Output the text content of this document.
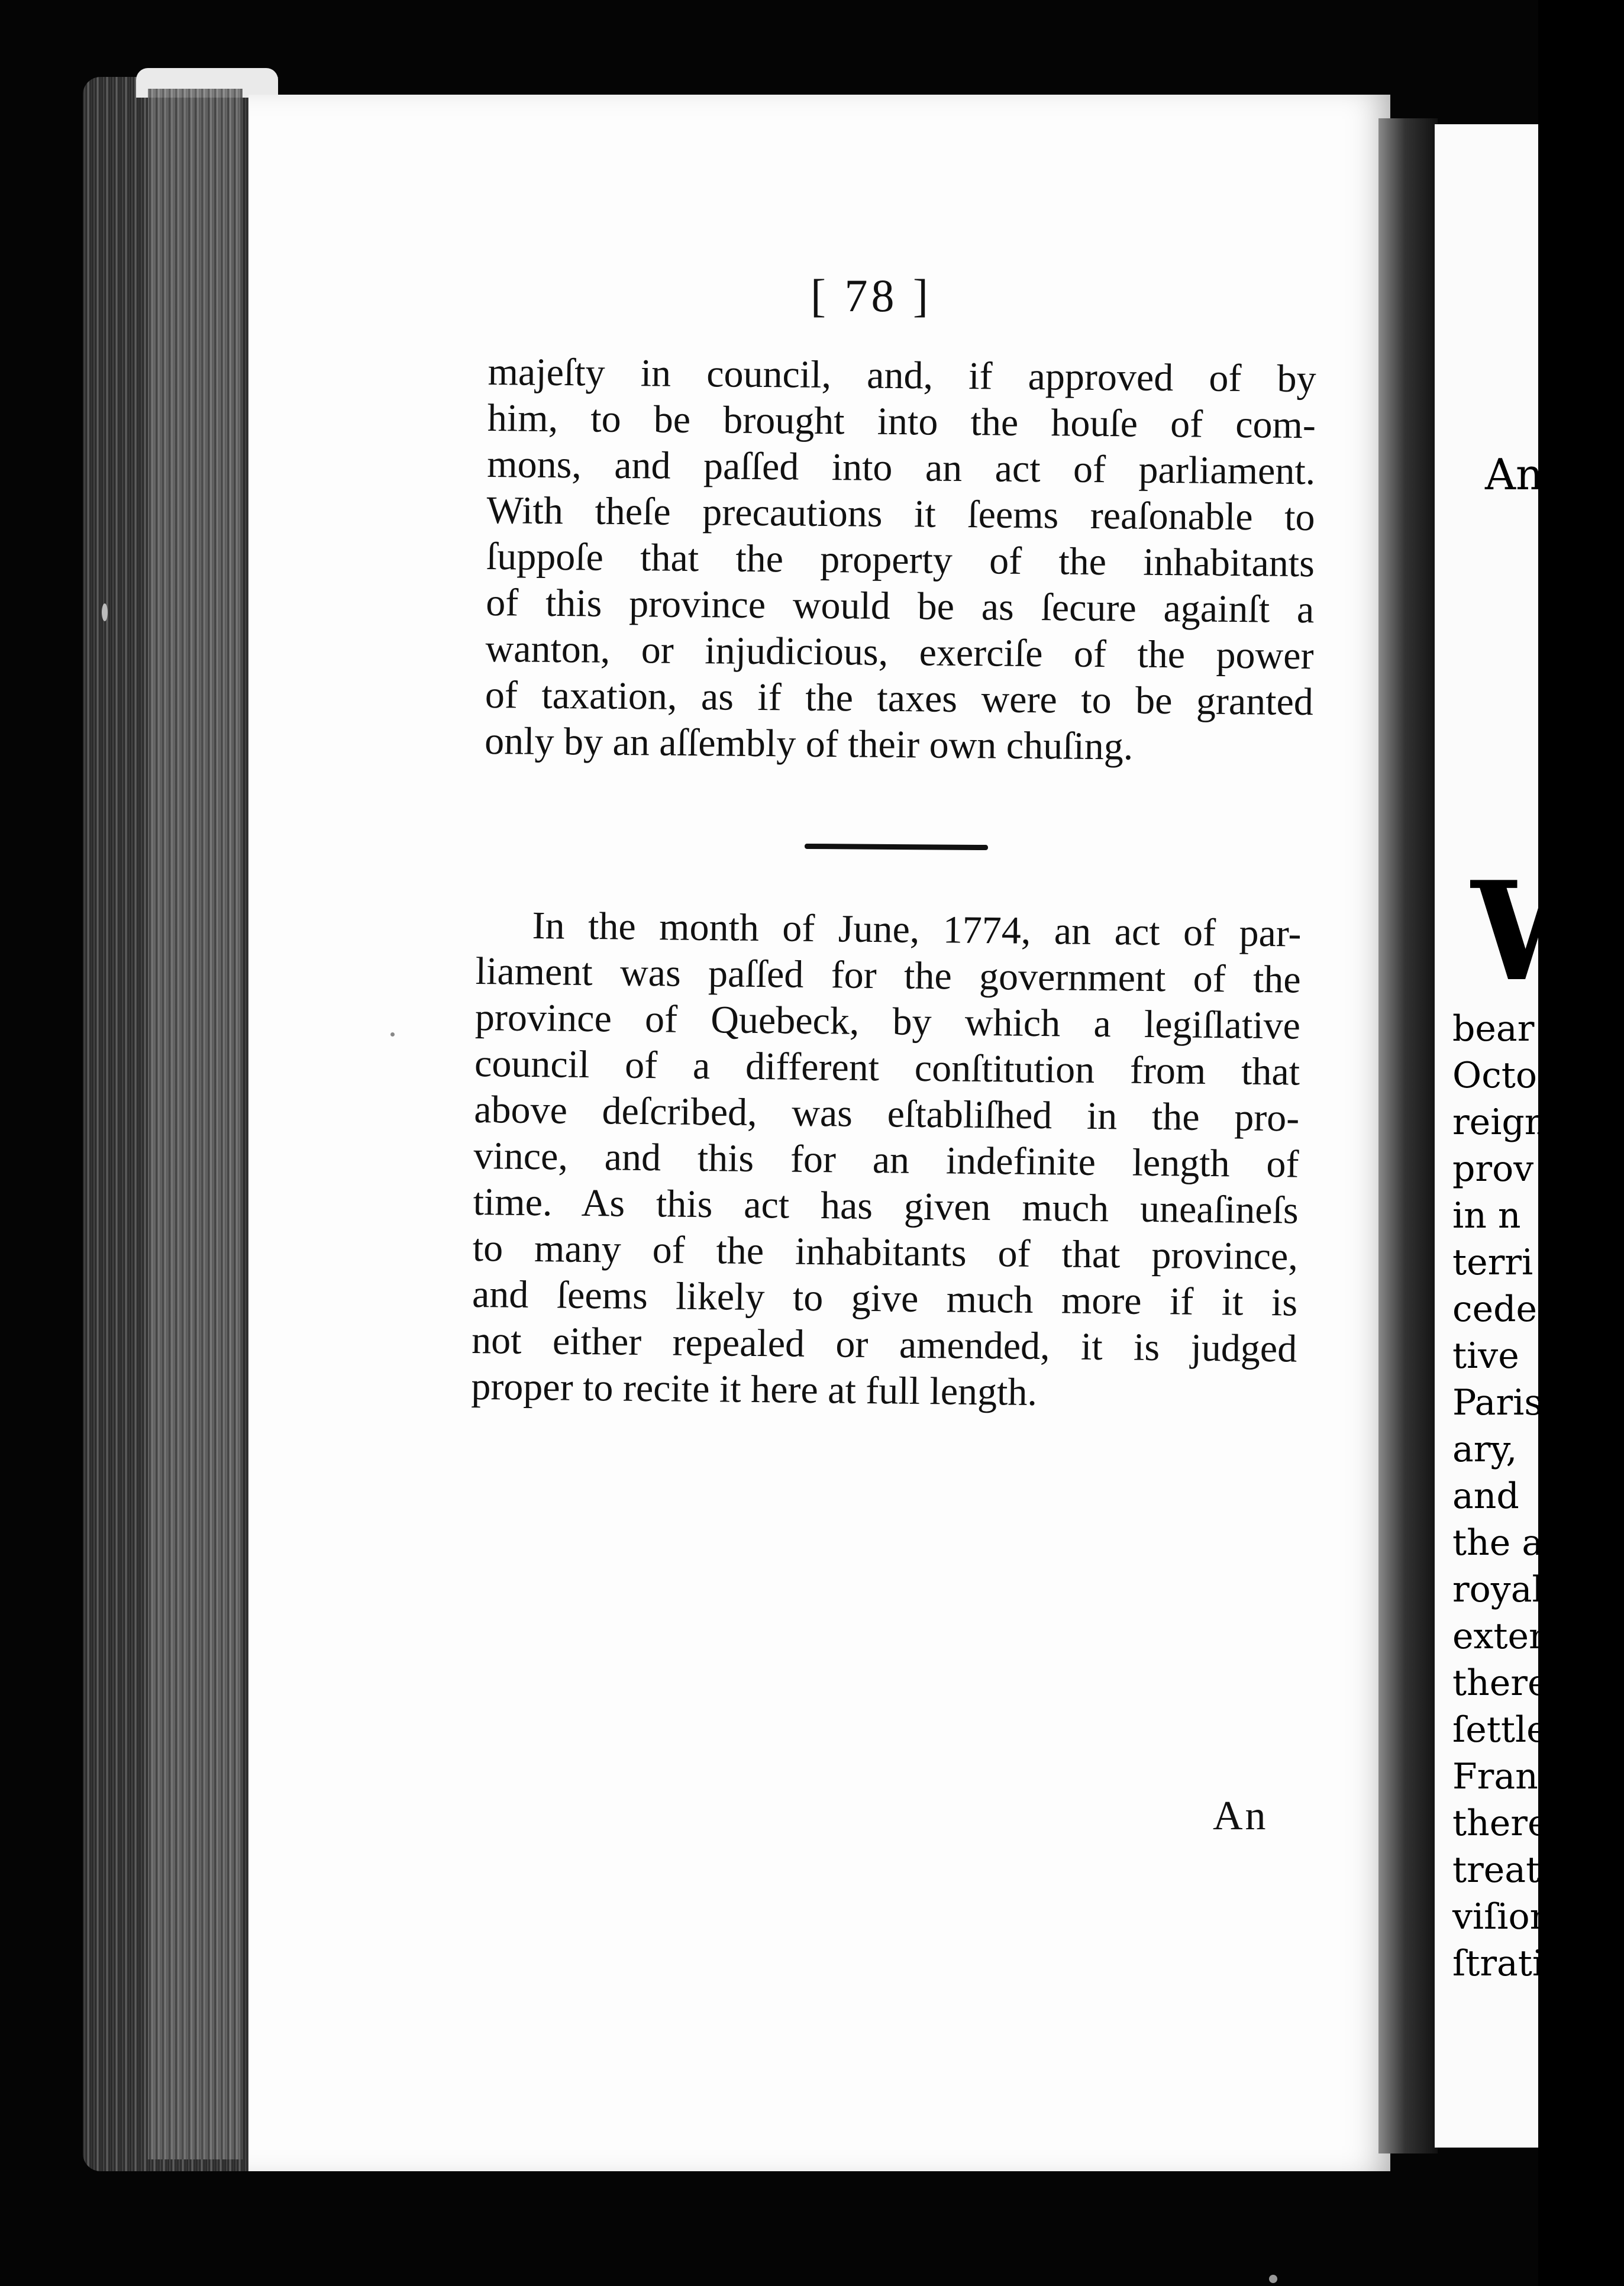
[ 78 ]
majeſty in council, and, if approved of by
him, to be brought into the houſe of com-
mons, and paſſed into an act of parliament.
With theſe precautions it ſeems reaſonable to
ſuppoſe that the property of the inhabitants
of this province would be as ſecure againſt a
wanton, or injudicious, exerciſe of the power
of taxation, as if the taxes were to be granted
only by an aſſembly of their own chuſing.
In the month of June, 1774, an act of par-
liament was paſſed for the government of the
province of Quebeck, by which a legiſlative
council of a different conſtitution from that
above deſcribed, was eſtabliſhed in the pro-
vince, and this for an indefinite length of
time. As this act has given much uneaſineſs
to many of the inhabitants of that province,
and ſeems likely to give much more if it is
not either repealed or amended, it is judged
proper to recite it here at full length.
An
An
W
bear
Octo
reign
prov
in n
terri
cede
tive
Paris
ary,
and
the a
royal
exten
there
ſettle
Franc
there
treaty
viſion
ſtratio
